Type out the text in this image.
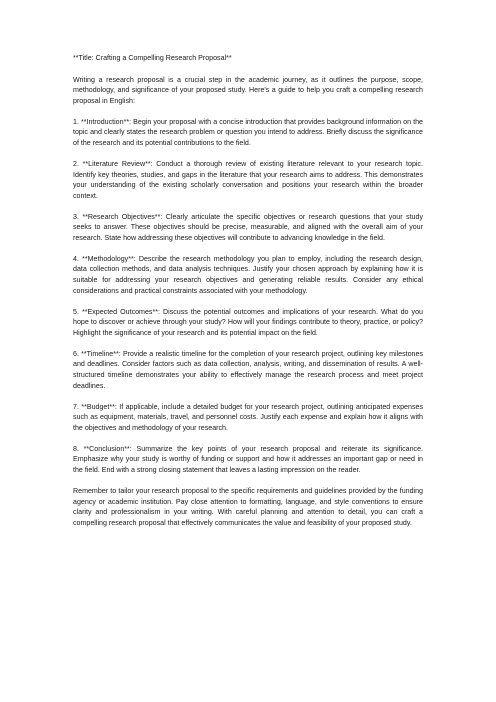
**Title: Crafting a Compelling Research Proposal**

Writing a research proposal is a crucial step in the academic journey, as it outlines the purpose, scope, methodology, and significance of your proposed study. Here's a guide to help you craft a compelling research proposal in English:

1. **Introduction**: Begin your proposal with a concise introduction that provides background information on the topic and clearly states the research problem or question you intend to address. Briefly discuss the significance of the research and its potential contributions to the field.

2. **Literature Review**: Conduct a thorough review of existing literature relevant to your research topic. Identify key theories, studies, and gaps in the literature that your research aims to address. This demonstrates your understanding of the existing scholarly conversation and positions your research within the broader context.

3. **Research Objectives**: Clearly articulate the specific objectives or research questions that your study seeks to answer. These objectives should be precise, measurable, and aligned with the overall aim of your research. State how addressing these objectives will contribute to advancing knowledge in the field.

4. **Methodology**: Describe the research methodology you plan to employ, including the research design, data collection methods, and data analysis techniques. Justify your chosen approach by explaining how it is suitable for addressing your research objectives and generating reliable results. Consider any ethical considerations and practical constraints associated with your methodology.

5. **Expected Outcomes**: Discuss the potential outcomes and implications of your research. What do you hope to discover or achieve through your study? How will your findings contribute to theory, practice, or policy? Highlight the significance of your research and its potential impact on the field.

6. **Timeline**: Provide a realistic timeline for the completion of your research project, outlining key milestones and deadlines. Consider factors such as data collection, analysis, writing, and dissemination of results. A well-structured timeline demonstrates your ability to effectively manage the research process and meet project deadlines.

7. **Budget**: If applicable, include a detailed budget for your research project, outlining anticipated expenses such as equipment, materials, travel, and personnel costs. Justify each expense and explain how it aligns with the objectives and methodology of your research.

8. **Conclusion**: Summarize the key points of your research proposal and reiterate its significance. Emphasize why your study is worthy of funding or support and how it addresses an important gap or need in the field. End with a strong closing statement that leaves a lasting impression on the reader.

Remember to tailor your research proposal to the specific requirements and guidelines provided by the funding agency or academic institution. Pay close attention to formatting, language, and style conventions to ensure clarity and professionalism in your writing. With careful planning and attention to detail, you can craft a compelling research proposal that effectively communicates the value and feasibility of your proposed study.
